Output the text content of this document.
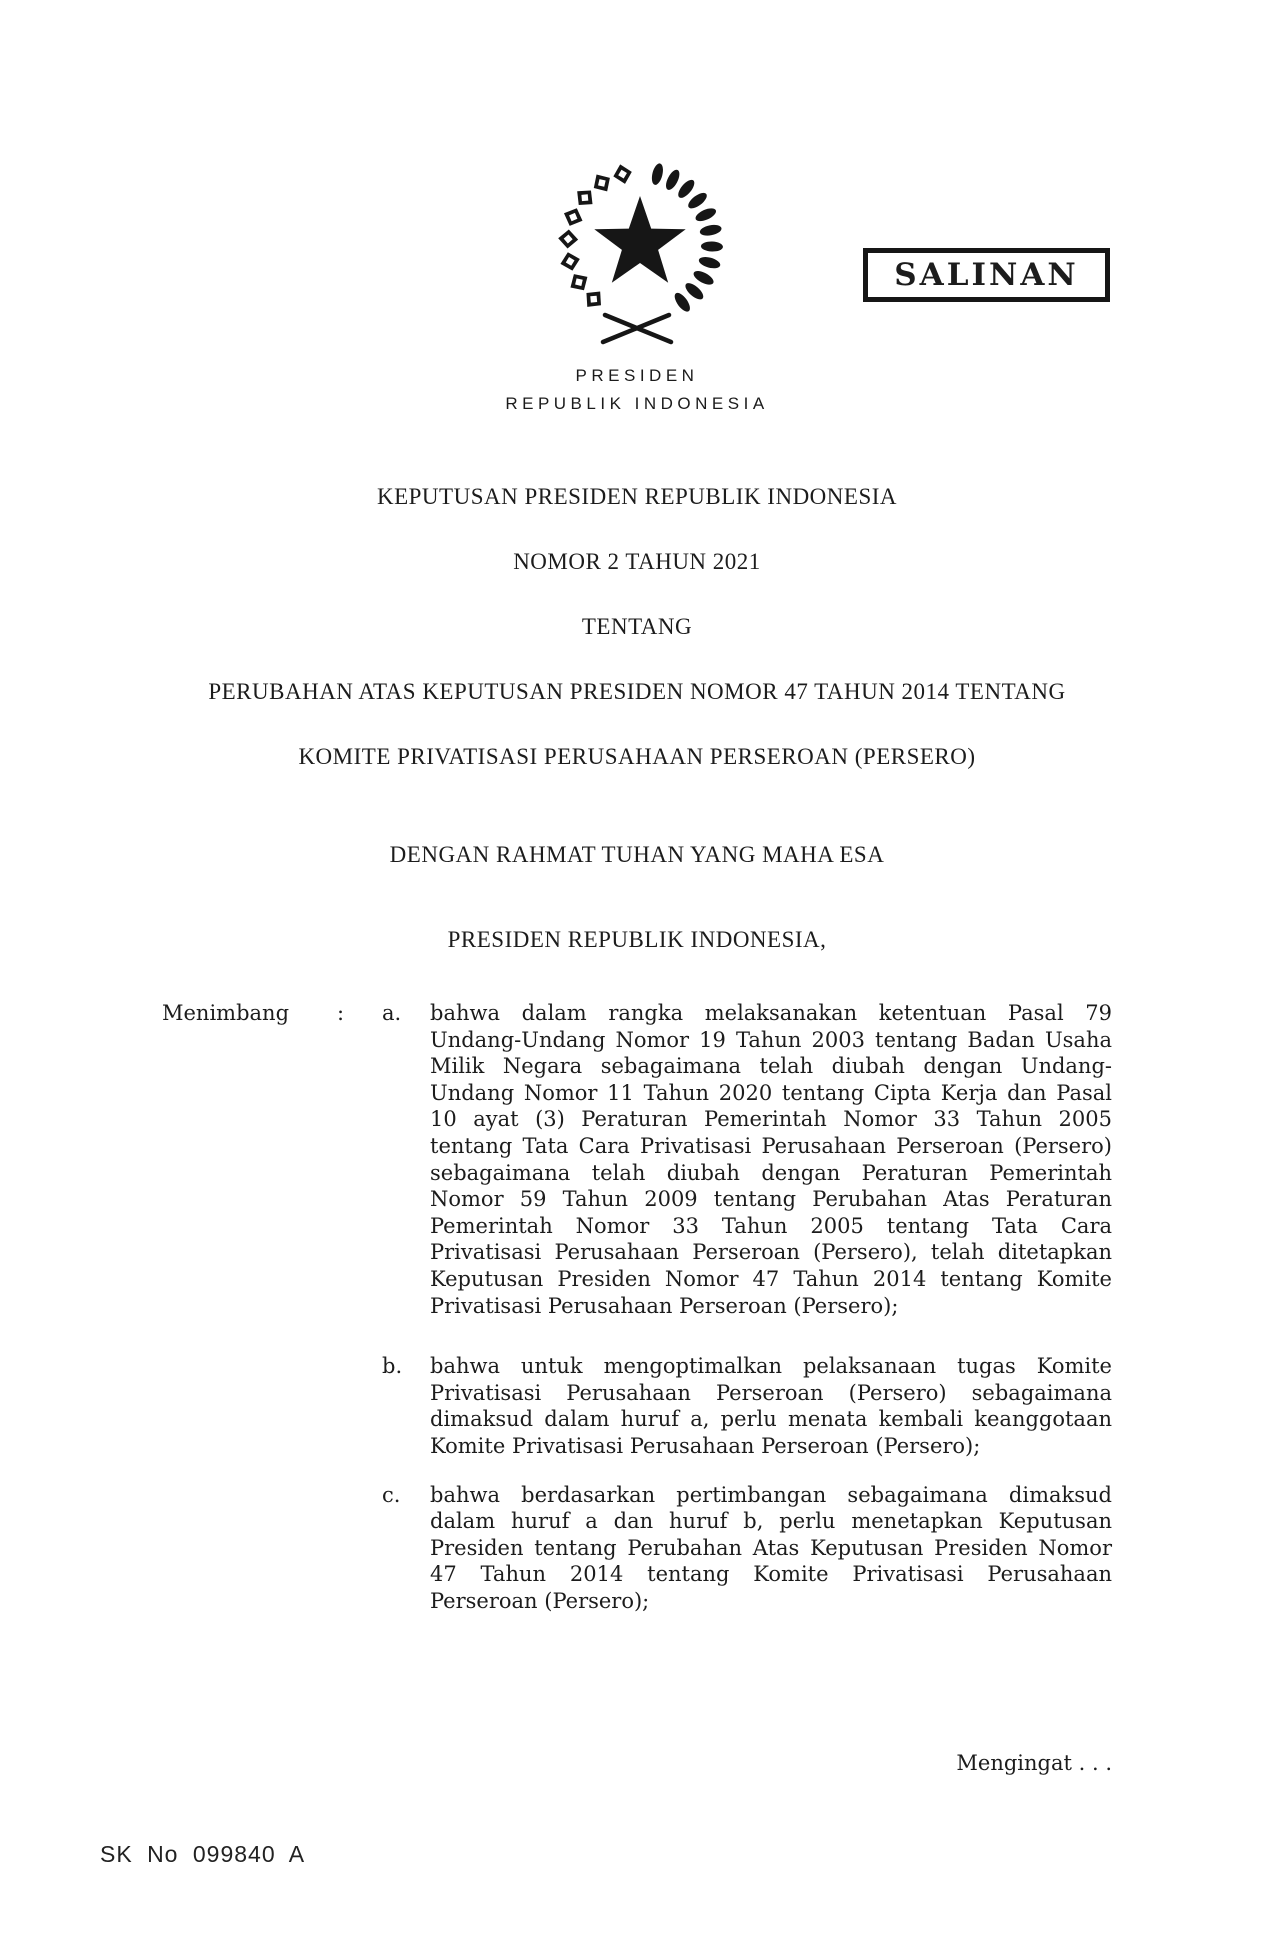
SALINAN
PRESIDEN
REPUBLIK INDONESIA
KEPUTUSAN PRESIDEN REPUBLIK INDONESIA
NOMOR 2 TAHUN 2021
TENTANG
PERUBAHAN ATAS KEPUTUSAN PRESIDEN NOMOR 47 TAHUN 2014 TENTANG
KOMITE PRIVATISASI PERUSAHAAN PERSEROAN (PERSERO)
DENGAN RAHMAT TUHAN YANG MAHA ESA
PRESIDEN REPUBLIK INDONESIA,
Menimbang	:	a.	bahwa dalam rangka melaksanakan ketentuan Pasal 79 Undang-Undang Nomor 19 Tahun 2003 tentang Badan Usaha Milik Negara sebagaimana telah diubah dengan Undang-Undang Nomor 11 Tahun 2020 tentang Cipta Kerja dan Pasal 10 ayat (3) Peraturan Pemerintah Nomor 33 Tahun 2005 tentang Tata Cara Privatisasi Perusahaan Perseroan (Persero) sebagaimana telah diubah dengan Peraturan Pemerintah Nomor 59 Tahun 2009 tentang Perubahan Atas Peraturan Pemerintah Nomor 33 Tahun 2005 tentang Tata Cara Privatisasi Perusahaan Perseroan (Persero), telah ditetapkan Keputusan Presiden Nomor 47 Tahun 2014 tentang Komite Privatisasi Perusahaan Perseroan (Persero);
b.	bahwa untuk mengoptimalkan pelaksanaan tugas Komite Privatisasi Perusahaan Perseroan (Persero) sebagaimana dimaksud dalam huruf a, perlu menata kembali keanggotaan Komite Privatisasi Perusahaan Perseroan (Persero);
c.	bahwa berdasarkan pertimbangan sebagaimana dimaksud dalam huruf a dan huruf b, perlu menetapkan Keputusan Presiden tentang Perubahan Atas Keputusan Presiden Nomor 47 Tahun 2014 tentang Komite Privatisasi Perusahaan Perseroan (Persero);
Mengingat . . .
SK No 099840 A
